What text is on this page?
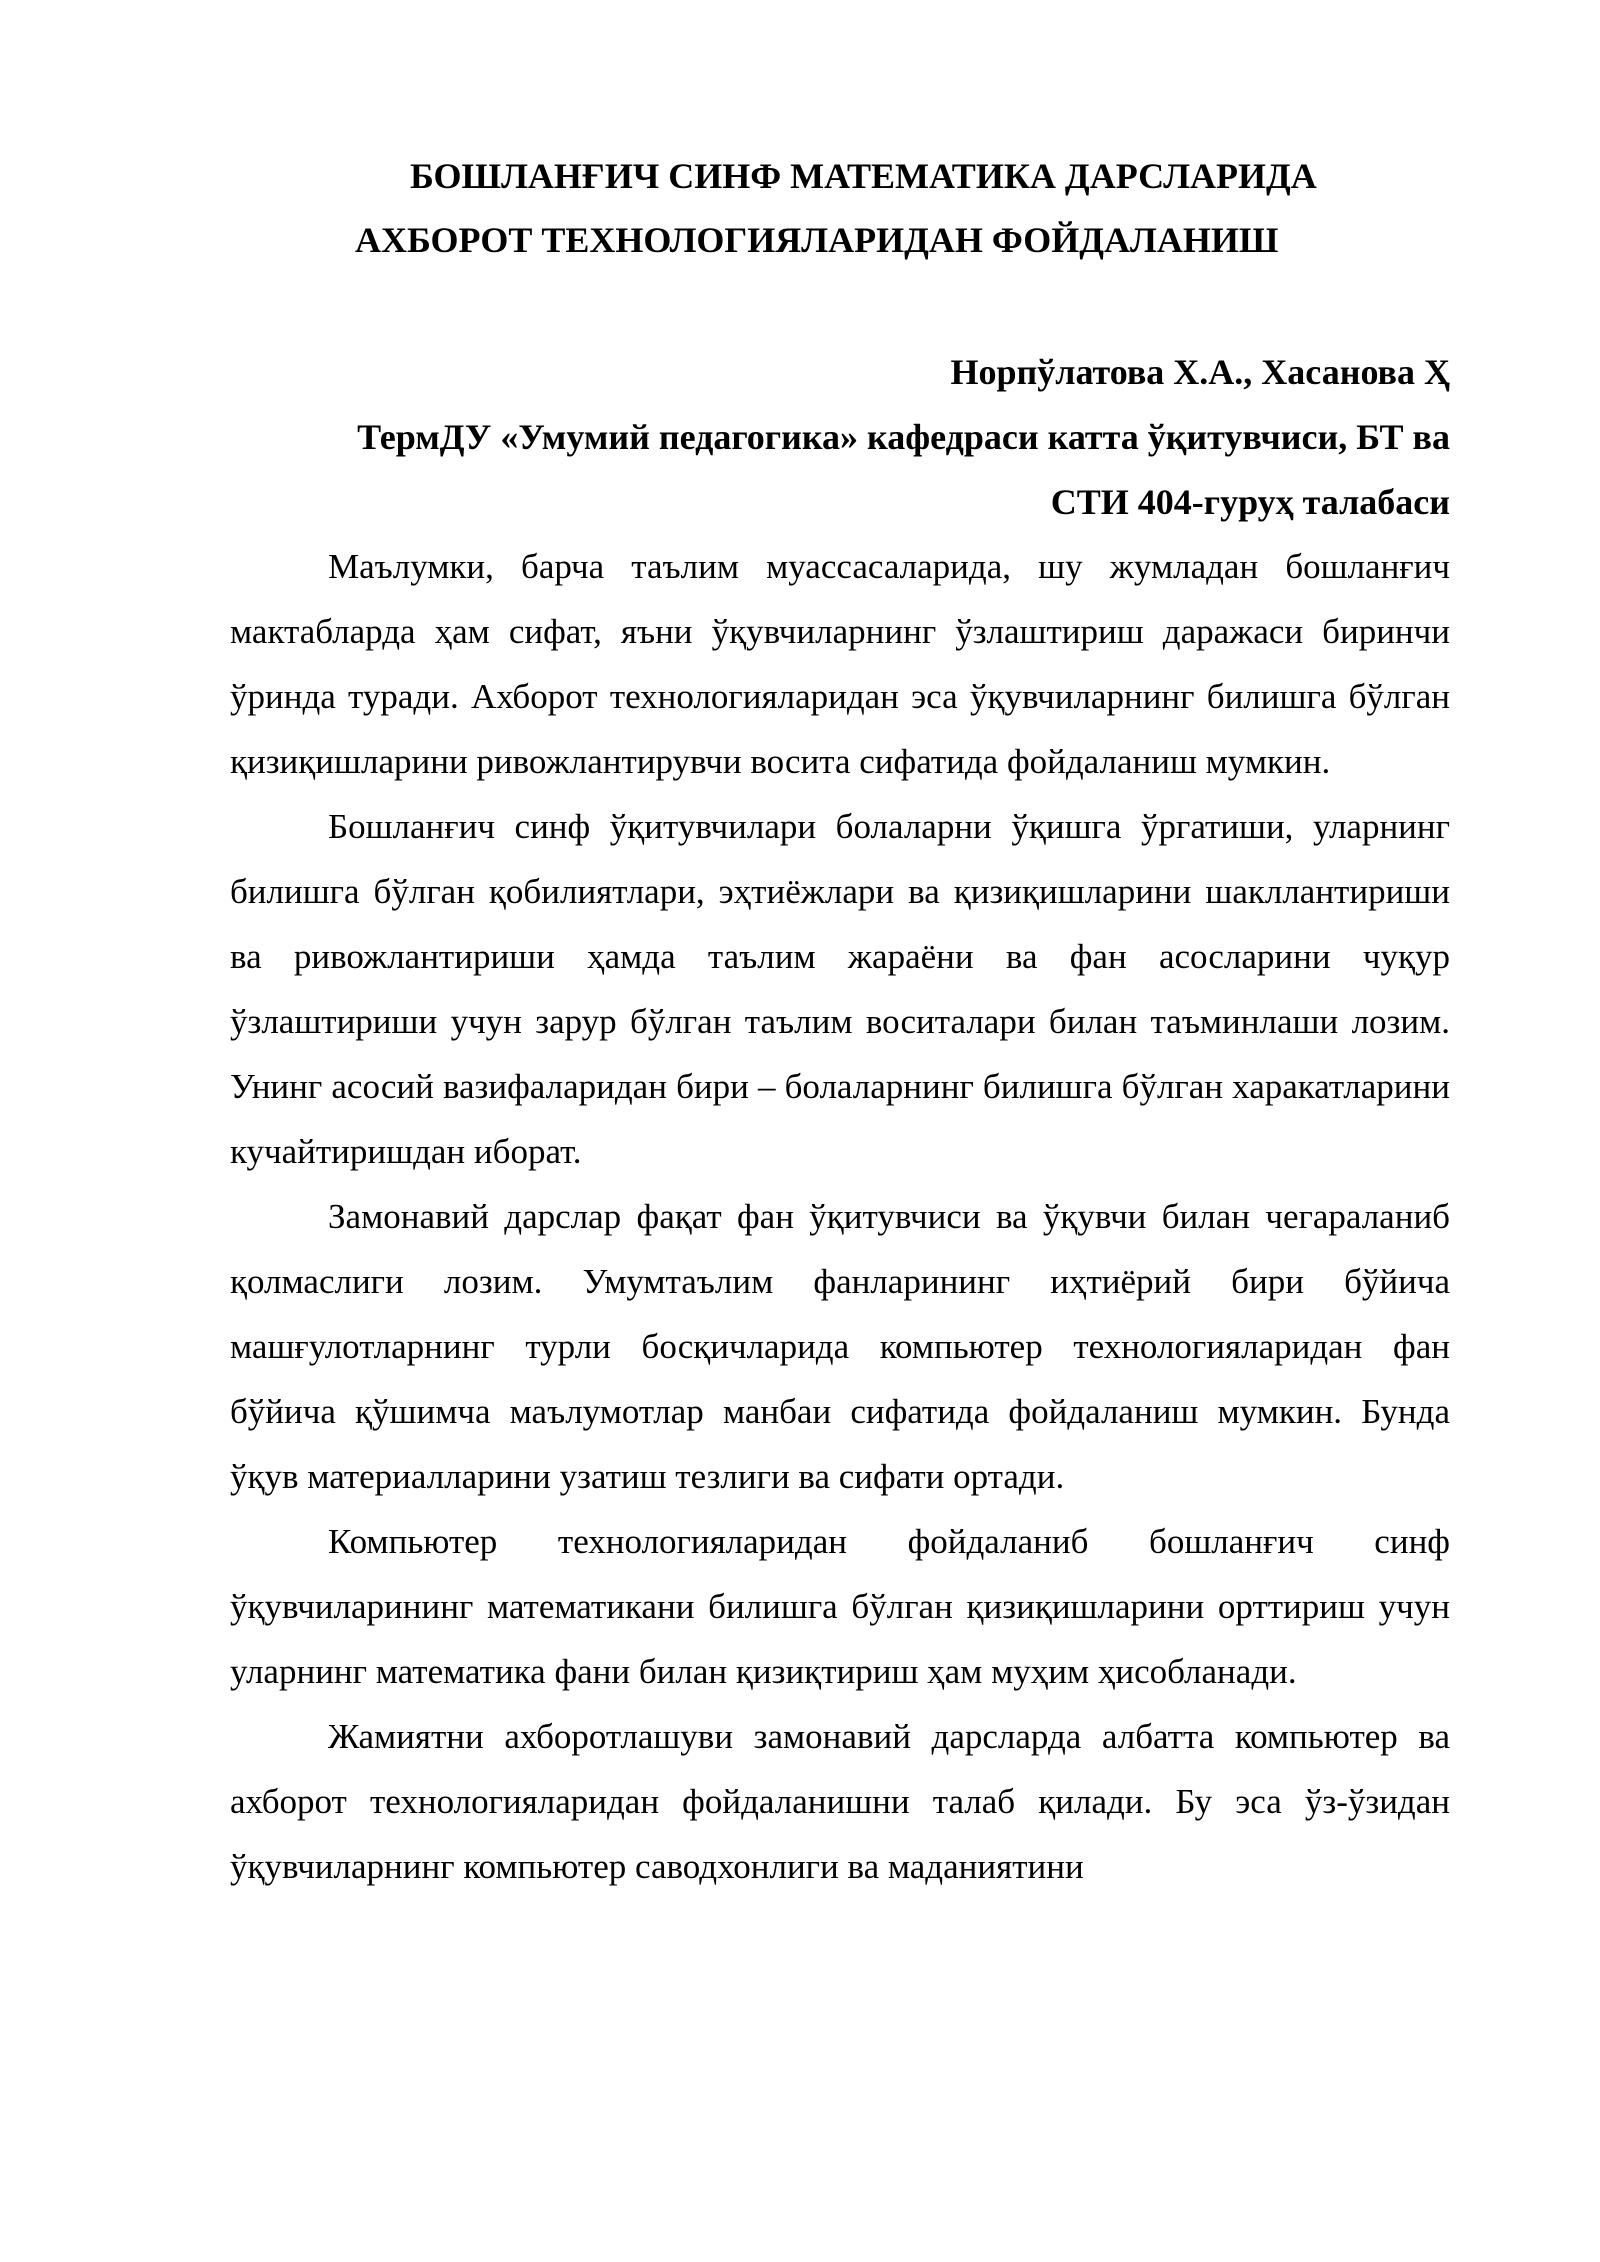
БОШЛАНҒИЧ СИНФ МАТЕМАТИКА ДАРСЛАРИДА
АХБОРОТ ТЕХНОЛОГИЯЛАРИДАН ФОЙДАЛАНИШ
Норпўлатова Х.А., Хасанова Ҳ
ТермДУ «Умумий педагогика» кафедраси катта ўқитувчиси, БТ ва
СТИ 404-гуруҳ талабаси

Маълумки, барча таълим муассасаларида, шу жумладан бошланғич мактабларда ҳам сифат, яъни ўқувчиларнинг ўзлаштириш даражаси биринчи ўринда туради. Ахборот технологияларидан эса ўқувчиларнинг билишга бўлган қизиқишларини ривожлантирувчи восита сифатида фойдаланиш мумкин.

Бошланғич синф ўқитувчилари болаларни ўқишга ўргатиши, уларнинг билишга бўлган қобилиятлари, эҳтиёжлари ва қизиқишларини шакллантириши ва ривожлантириши ҳамда таълим жараёни ва фан асосларини чуқур ўзлаштириши учун зарур бўлган таълим воситалари билан таъминлаши лозим. Унинг асосий вазифаларидан бири – болаларнинг билишга бўлган харакатларини кучайтиришдан иборат.

Замонавий дарслар фақат фан ўқитувчиси ва ўқувчи билан чегараланиб қолмаслиги лозим. Умумтаълим фанларининг иҳтиёрий бири бўйича машғулотларнинг турли босқичларида компьютер технологияларидан фан бўйича қўшимча маълумотлар манбаи сифатида фойдаланиш мумкин. Бунда ўқув материалларини узатиш тезлиги ва сифати ортади.

Компьютер технологияларидан фойдаланиб бошланғич синф ўқувчиларининг математикани билишга бўлган қизиқишларини орттириш учун уларнинг математика фани билан қизиқтириш ҳам муҳим ҳисобланади.

Жамиятни ахборотлашуви замонавий дарсларда албатта компьютер ва ахборот технологияларидан фойдаланишни талаб қилади. Бу эса ўз-ўзидан ўқувчиларнинг компьютер саводхонлиги ва маданиятини
